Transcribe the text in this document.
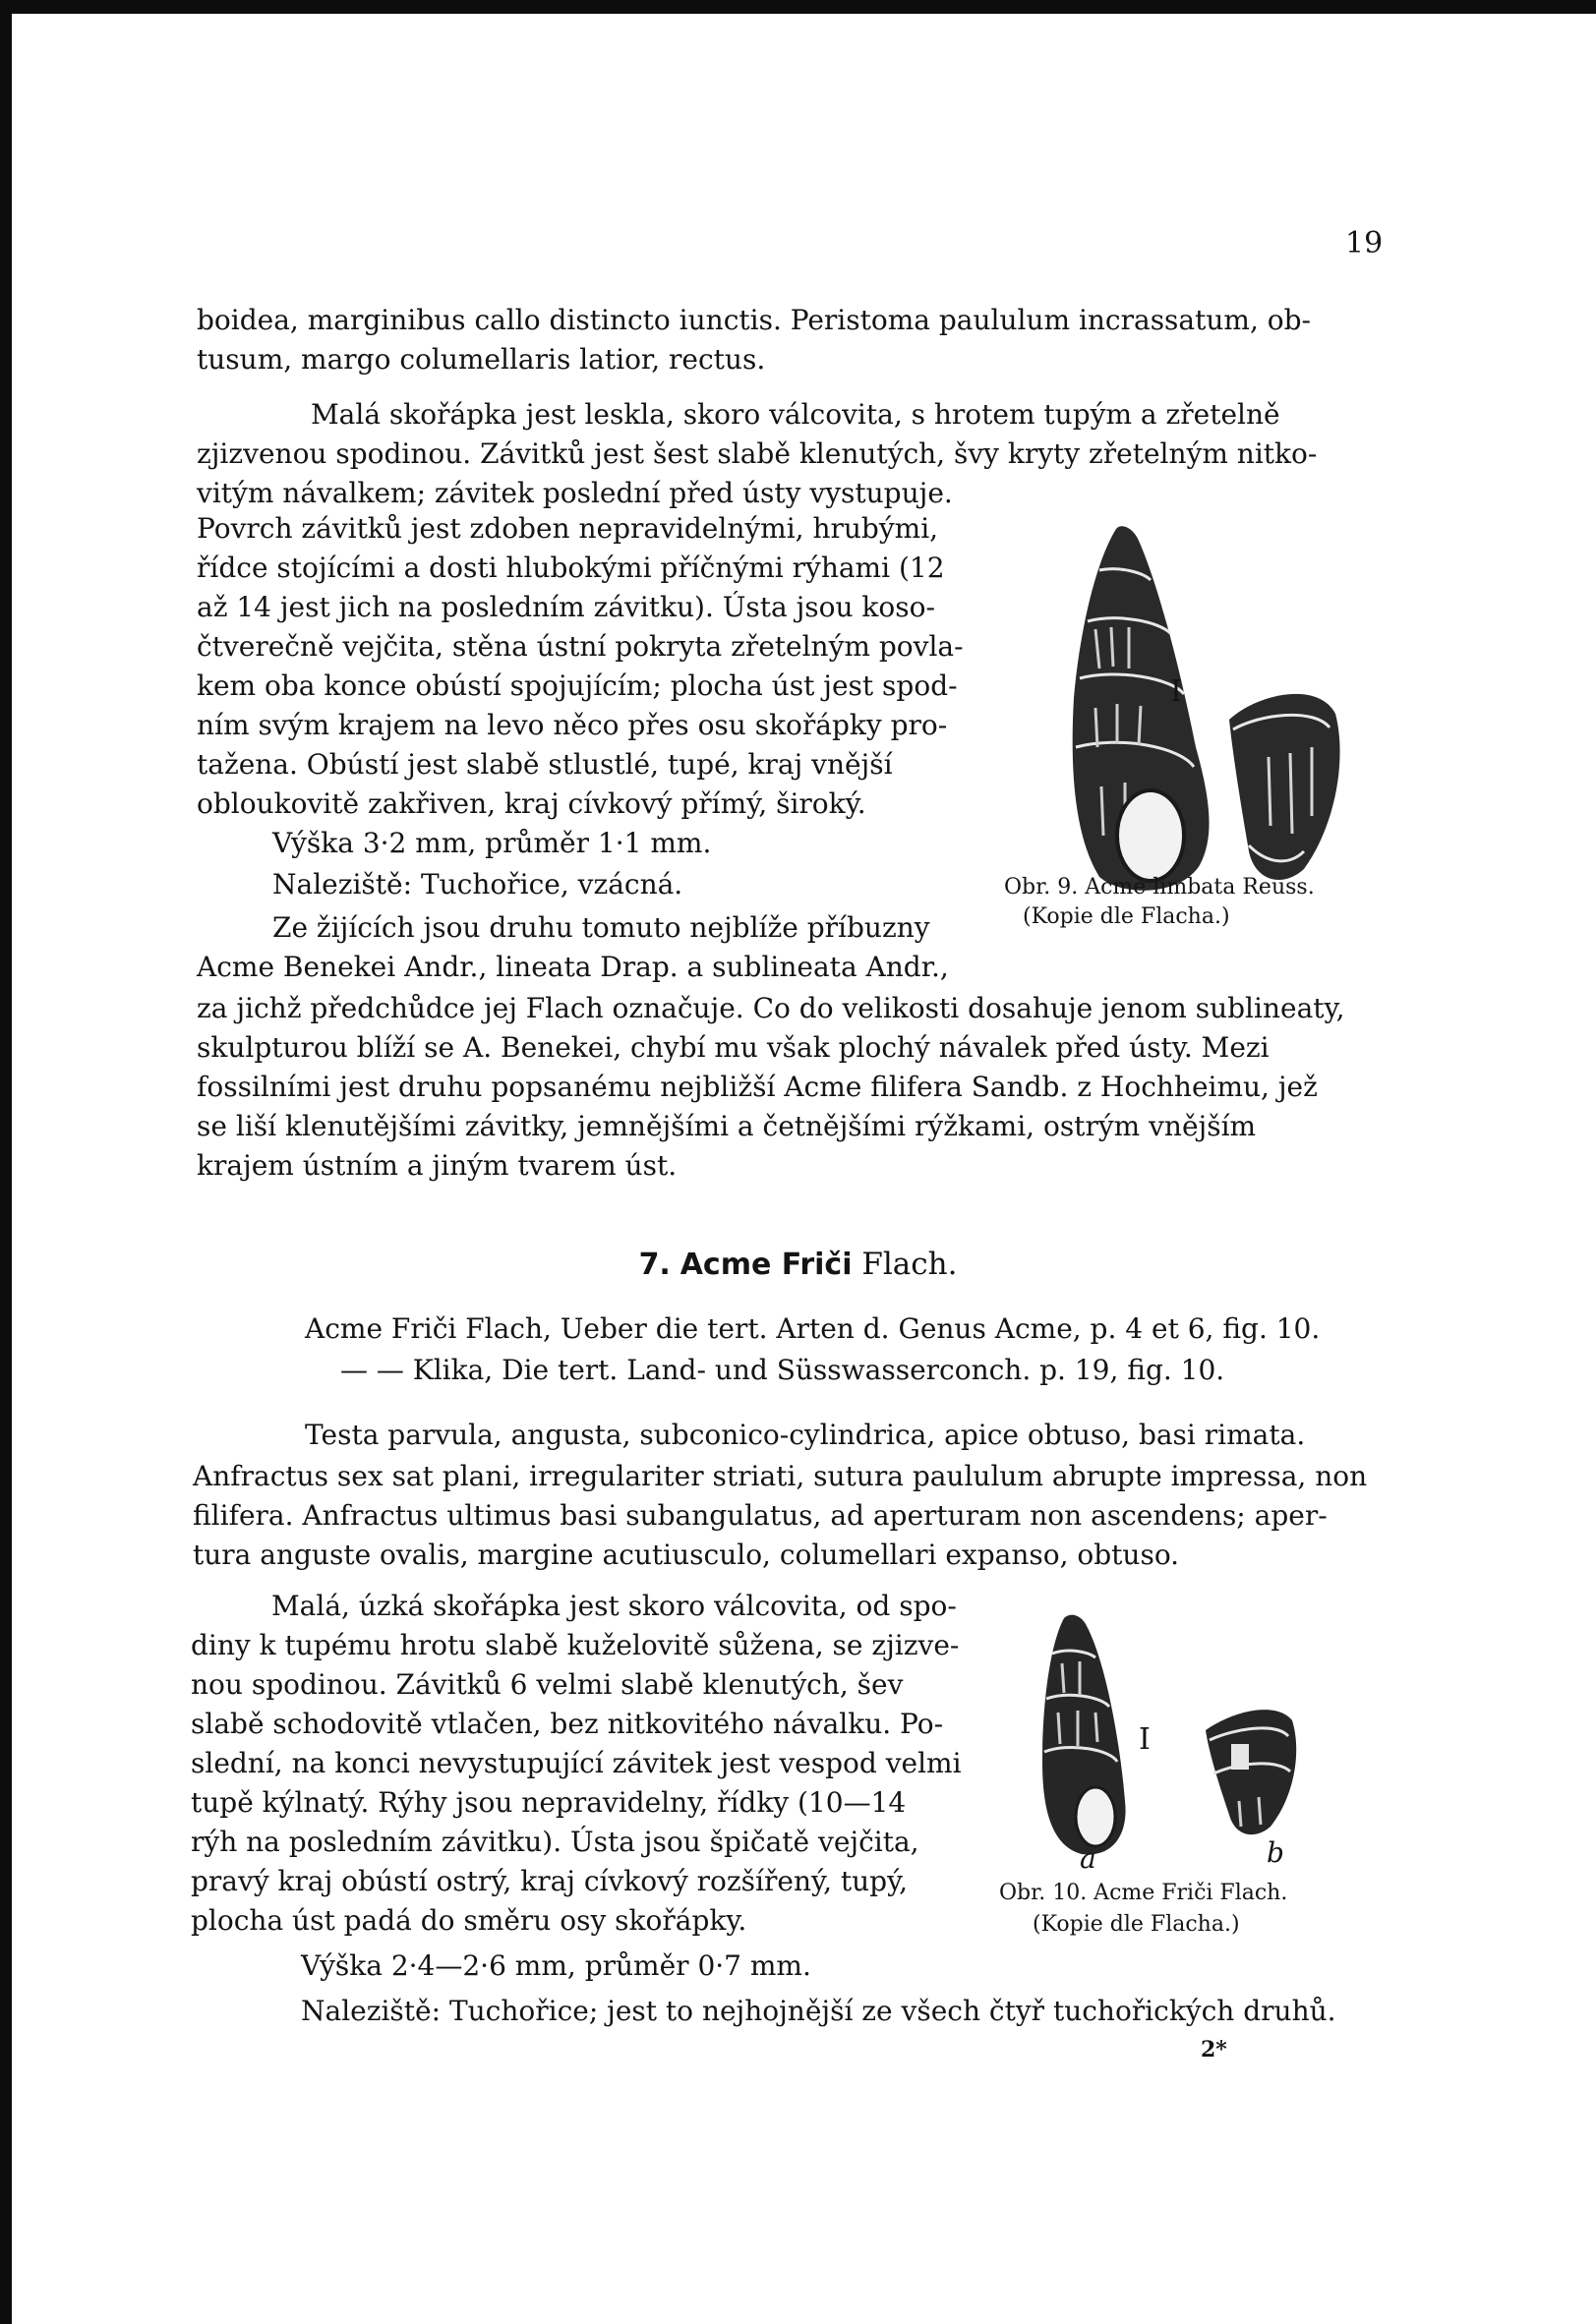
19
boidea, marginibus callo distincto iunctis. Peristoma paululum incrassatum, ob-
tusum, margo columellaris latior, rectus.
Malá skořápka jest leskla, skoro válcovita, s hrotem tupým a zřetelně
zjizvenou spodinou. Závitků jest šest slabě klenutých, švy kryty zřetelným nitko-
vitým návalkem; závitek poslední před ústy vystupuje.
Povrch závitků jest zdoben nepravidelnými, hrubými,
řídce stojícími a dosti hlubokými příčnými rýhami (12
až 14 jest jich na posledním závitku). Ústa jsou koso-
čtverečně vejčita, stěna ústní pokryta zřetelným povla-
kem oba konce obústí spojujícím; plocha úst jest spod-
ním svým krajem na levo něco přes osu skořápky pro-
tažena. Obústí jest slabě stlustlé, tupé, kraj vnější
obloukovitě zakřiven, kraj cívkový přímý, široký.
Výška 3·2 mm, průměr 1·1 mm.
Naleziště: Tuchořice, vzácná.
Ze žijících jsou druhu tomuto nejblíže příbuzny
Acme Benekei Andr., lineata Drap. a sublineata Andr.,
za jichž předchůdce jej Flach označuje. Co do velikosti dosahuje jenom sublineaty,
skulpturou blíží se A. Benekei, chybí mu však plochý návalek před ústy. Mezi
fossilními jest druhu popsanému nejbližší Acme filifera Sandb. z Hochheimu, jež
se liší klenutějšími závitky, jemnějšími a četnějšími rýžkami, ostrým vnějším
krajem ústním a jiným tvarem úst.
I
Obr. 9. Acme limbata Reuss.
(Kopie dle Flacha.)
7. Acme Friči Flach.
Acme Friči Flach, Ueber die tert. Arten d. Genus Acme, p. 4 et 6, fig. 10.
— — Klika, Die tert. Land- und Süsswasserconch. p. 19, fig. 10.
Testa parvula, angusta, subconico-cylindrica, apice obtuso, basi rimata.
Anfractus sex sat plani, irregulariter striati, sutura paululum abrupte impressa, non
filifera. Anfractus ultimus basi subangulatus, ad aperturam non ascendens; aper-
tura anguste ovalis, margine acutiusculo, columellari expanso, obtuso.
Malá, úzká skořápka jest skoro válcovita, od spo-
diny k tupému hrotu slabě kuželovitě sůžena, se zjizve-
nou spodinou. Závitků 6 velmi slabě klenutých, šev
slabě schodovitě vtlačen, bez nitkovitého návalku. Po-
slední, na konci nevystupující závitek jest vespod velmi
tupě kýlnatý. Rýhy jsou nepravidelny, řídky (10—14
rýh na posledním závitku). Ústa jsou špičatě vejčita,
pravý kraj obústí ostrý, kraj cívkový rozšířený, tupý,
plocha úst padá do směru osy skořápky.
Výška 2·4—2·6 mm, průměr 0·7 mm.
Naleziště: Tuchořice; jest to nejhojnější ze všech čtyř tuchořických druhů.
I
a	b
Obr. 10. Acme Friči Flach.
(Kopie dle Flacha.)
2*
